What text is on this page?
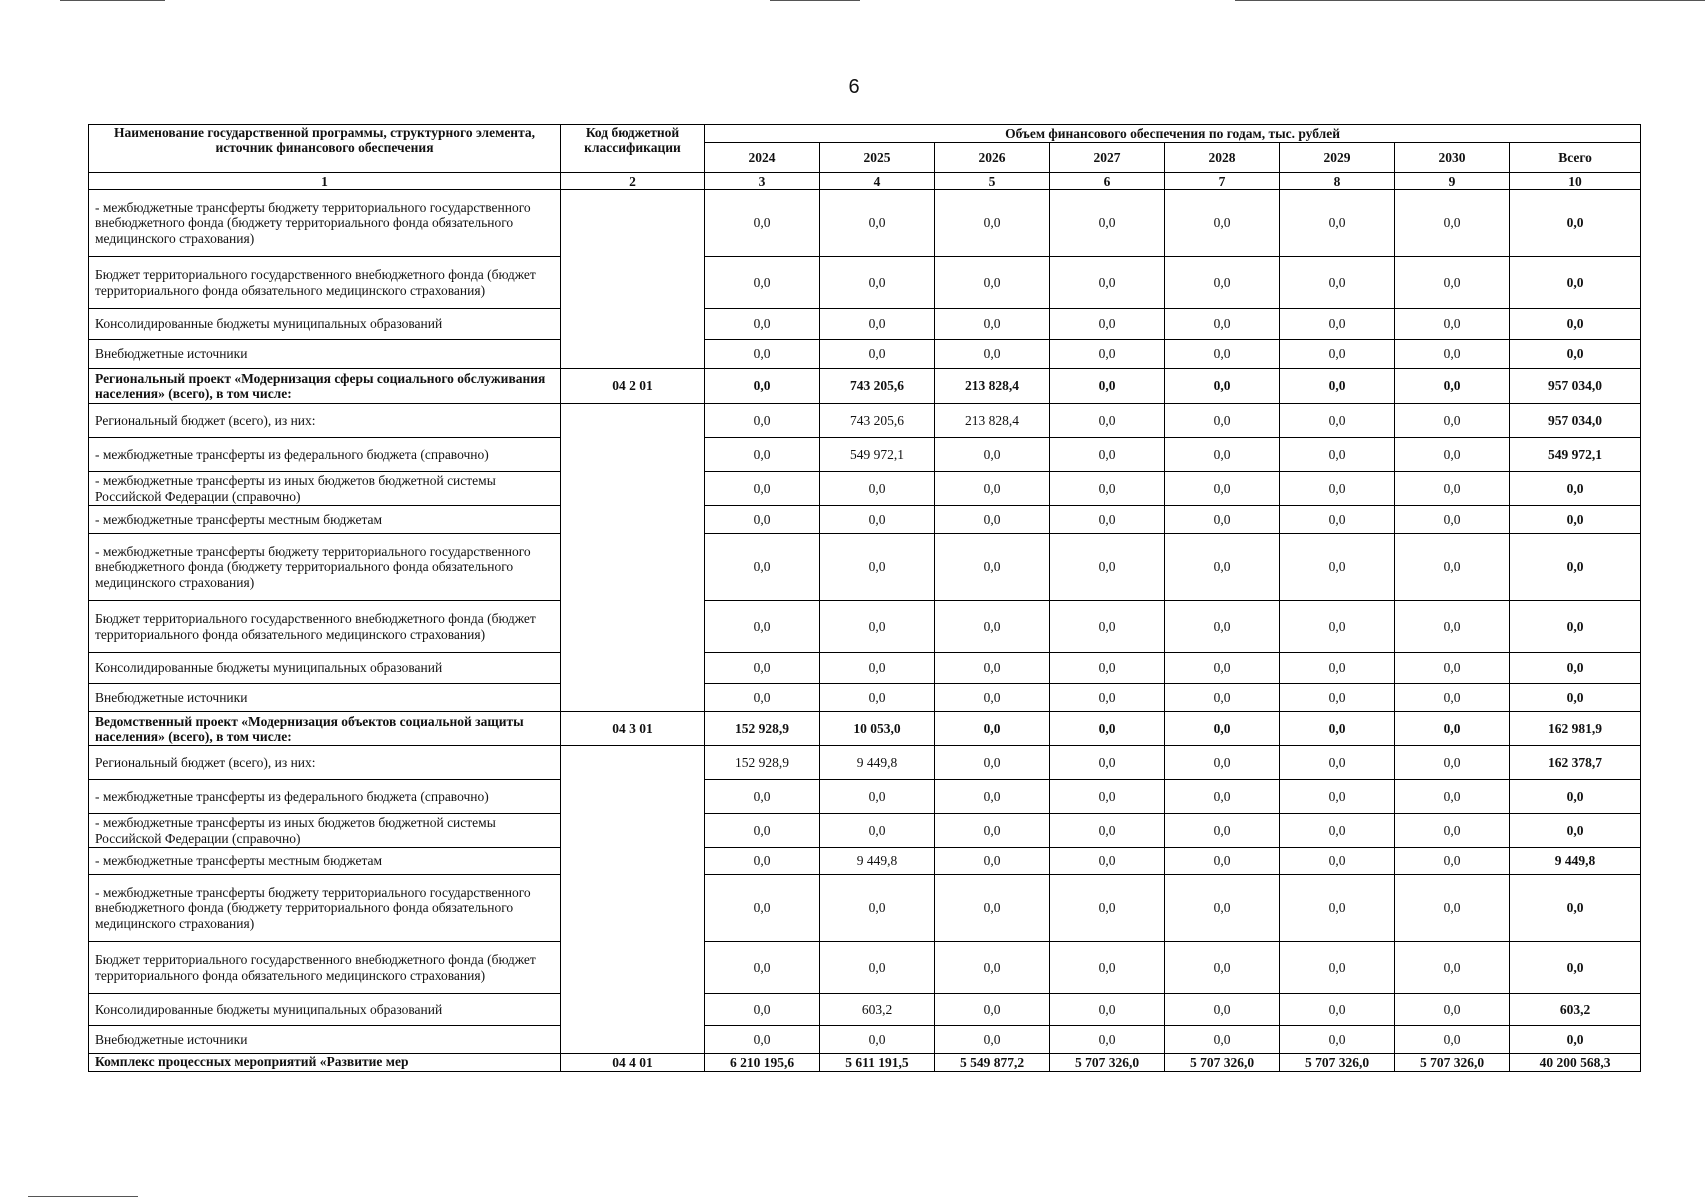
6
Наименование государственной программы, структурного элемента, источник финансового обеспечения	Код бюджетной классификации	Объем финансового обеспечения по годам, тыс. рублей							
		2024	2025	2026	2027	2028	2029	2030	Всего
1	2	3	4	5	6	7	8	9	10
- межбюджетные трансферты бюджету территориального государственного внебюджетного фонда (бюджету территориального фонда обязательного медицинского страхования)		0,0	0,0	0,0	0,0	0,0	0,0	0,0	0,0
Бюджет территориального государственного внебюджетного фонда (бюджет территориального фонда обязательного медицинского страхования)		0,0	0,0	0,0	0,0	0,0	0,0	0,0	0,0
Консолидированные бюджеты муниципальных образований		0,0	0,0	0,0	0,0	0,0	0,0	0,0	0,0
Внебюджетные источники		0,0	0,0	0,0	0,0	0,0	0,0	0,0	0,0
Региональный проект «Модернизация сферы социального обслуживания населения» (всего), в том числе:	04 2 01	0,0	743 205,6	213 828,4	0,0	0,0	0,0	0,0	957 034,0
Региональный бюджет (всего), из них:		0,0	743 205,6	213 828,4	0,0	0,0	0,0	0,0	957 034,0
- межбюджетные трансферты из федерального бюджета (справочно)		0,0	549 972,1	0,0	0,0	0,0	0,0	0,0	549 972,1
- межбюджетные трансферты из иных бюджетов бюджетной системы Российской Федерации (справочно)		0,0	0,0	0,0	0,0	0,0	0,0	0,0	0,0
- межбюджетные трансферты местным бюджетам		0,0	0,0	0,0	0,0	0,0	0,0	0,0	0,0
- межбюджетные трансферты бюджету территориального государственного внебюджетного фонда (бюджету территориального фонда обязательного медицинского страхования)		0,0	0,0	0,0	0,0	0,0	0,0	0,0	0,0
Бюджет территориального государственного внебюджетного фонда (бюджет территориального фонда обязательного медицинского страхования)		0,0	0,0	0,0	0,0	0,0	0,0	0,0	0,0
Консолидированные бюджеты муниципальных образований		0,0	0,0	0,0	0,0	0,0	0,0	0,0	0,0
Внебюджетные источники		0,0	0,0	0,0	0,0	0,0	0,0	0,0	0,0
Ведомственный проект «Модернизация объектов социальной защиты населения» (всего), в том числе:	04 3 01	152 928,9	10 053,0	0,0	0,0	0,0	0,0	0,0	162 981,9
Региональный бюджет (всего), из них:		152 928,9	9 449,8	0,0	0,0	0,0	0,0	0,0	162 378,7
- межбюджетные трансферты из федерального бюджета (справочно)		0,0	0,0	0,0	0,0	0,0	0,0	0,0	0,0
- межбюджетные трансферты из иных бюджетов бюджетной системы Российской Федерации (справочно)		0,0	0,0	0,0	0,0	0,0	0,0	0,0	0,0
- межбюджетные трансферты местным бюджетам		0,0	9 449,8	0,0	0,0	0,0	0,0	0,0	9 449,8
- межбюджетные трансферты бюджету территориального государственного внебюджетного фонда (бюджету территориального фонда обязательного медицинского страхования)		0,0	0,0	0,0	0,0	0,0	0,0	0,0	0,0
Бюджет территориального государственного внебюджетного фонда (бюджет территориального фонда обязательного медицинского страхования)		0,0	0,0	0,0	0,0	0,0	0,0	0,0	0,0
Консолидированные бюджеты муниципальных образований		0,0	603,2	0,0	0,0	0,0	0,0	0,0	603,2
Внебюджетные источники		0,0	0,0	0,0	0,0	0,0	0,0	0,0	0,0
Комплекс процессных мероприятий «Развитие мер	04 4 01	6 210 195,6	5 611 191,5	5 549 877,2	5 707 326,0	5 707 326,0	5 707 326,0	5 707 326,0	40 200 568,3
